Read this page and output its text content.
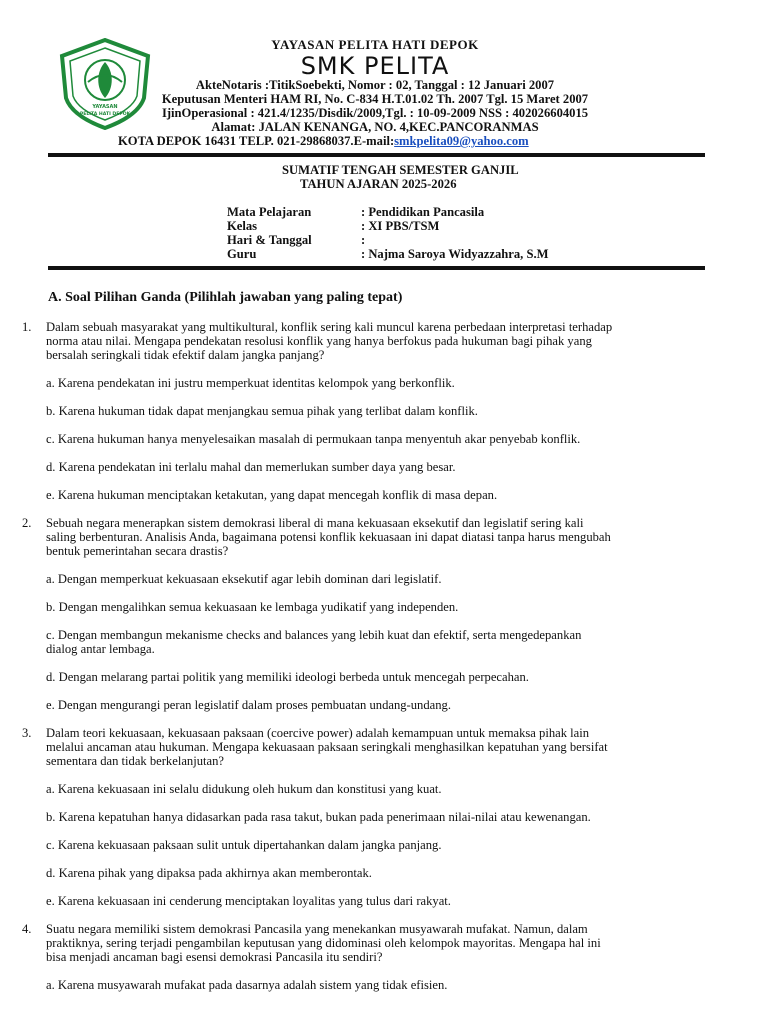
YAYASAN
PELITA HATI DEPOK
YAYASAN PELITA HATI DEPOK
SMK PELITA
AkteNotaris :TitikSoebekti, Nomor : 02, Tanggal : 12 Januari 2007
Keputusan Menteri HAM RI, No. C-834 H.T.01.02 Th. 2007 Tgl. 15 Maret 2007
IjinOperasional : 421.4/1235/Disdik/2009,Tgl. : 10-09-2009 NSS : 402026604015
Alamat: JALAN KENANGA, NO. 4,KEC.PANCORANMAS
KOTA DEPOK 16431 TELP. 021-29868037.E-mail:smkpelita09@yahoo.com
SUMATIF TENGAH SEMESTER GANJIL
TAHUN AJARAN 2025-2026
Mata Pelajaran	: Pendidikan Pancasila
Kelas	: XI PBS/TSM
Hari & Tanggal	:
Guru	: Najma Saroya Widyazzahra, S.M
A. Soal Pilihan Ganda (Pilihlah jawaban yang paling tepat)
1. Dalam sebuah masyarakat yang multikultural, konflik sering kali muncul karena perbedaan interpretasi terhadap
norma atau nilai. Mengapa pendekatan resolusi konflik yang hanya berfokus pada hukuman bagi pihak yang
bersalah seringkali tidak efektif dalam jangka panjang?
a. Karena pendekatan ini justru memperkuat identitas kelompok yang berkonflik.
b. Karena hukuman tidak dapat menjangkau semua pihak yang terlibat dalam konflik.
c. Karena hukuman hanya menyelesaikan masalah di permukaan tanpa menyentuh akar penyebab konflik.
d. Karena pendekatan ini terlalu mahal dan memerlukan sumber daya yang besar.
e. Karena hukuman menciptakan ketakutan, yang dapat mencegah konflik di masa depan.
2. Sebuah negara menerapkan sistem demokrasi liberal di mana kekuasaan eksekutif dan legislatif sering kali
saling berbenturan. Analisis Anda, bagaimana potensi konflik kekuasaan ini dapat diatasi tanpa harus mengubah
bentuk pemerintahan secara drastis?
a. Dengan memperkuat kekuasaan eksekutif agar lebih dominan dari legislatif.
b. Dengan mengalihkan semua kekuasaan ke lembaga yudikatif yang independen.
c. Dengan membangun mekanisme checks and balances yang lebih kuat dan efektif, serta mengedepankan
dialog antar lembaga.
d. Dengan melarang partai politik yang memiliki ideologi berbeda untuk mencegah perpecahan.
e. Dengan mengurangi peran legislatif dalam proses pembuatan undang-undang.
3. Dalam teori kekuasaan, kekuasaan paksaan (coercive power) adalah kemampuan untuk memaksa pihak lain
melalui ancaman atau hukuman. Mengapa kekuasaan paksaan seringkali menghasilkan kepatuhan yang bersifat
sementara dan tidak berkelanjutan?
a. Karena kekuasaan ini selalu didukung oleh hukum dan konstitusi yang kuat.
b. Karena kepatuhan hanya didasarkan pada rasa takut, bukan pada penerimaan nilai-nilai atau kewenangan.
c. Karena kekuasaan paksaan sulit untuk dipertahankan dalam jangka panjang.
d. Karena pihak yang dipaksa pada akhirnya akan memberontak.
e. Karena kekuasaan ini cenderung menciptakan loyalitas yang tulus dari rakyat.
4. Suatu negara memiliki sistem demokrasi Pancasila yang menekankan musyawarah mufakat. Namun, dalam
praktiknya, sering terjadi pengambilan keputusan yang didominasi oleh kelompok mayoritas. Mengapa hal ini
bisa menjadi ancaman bagi esensi demokrasi Pancasila itu sendiri?
a. Karena musyawarah mufakat pada dasarnya adalah sistem yang tidak efisien.
